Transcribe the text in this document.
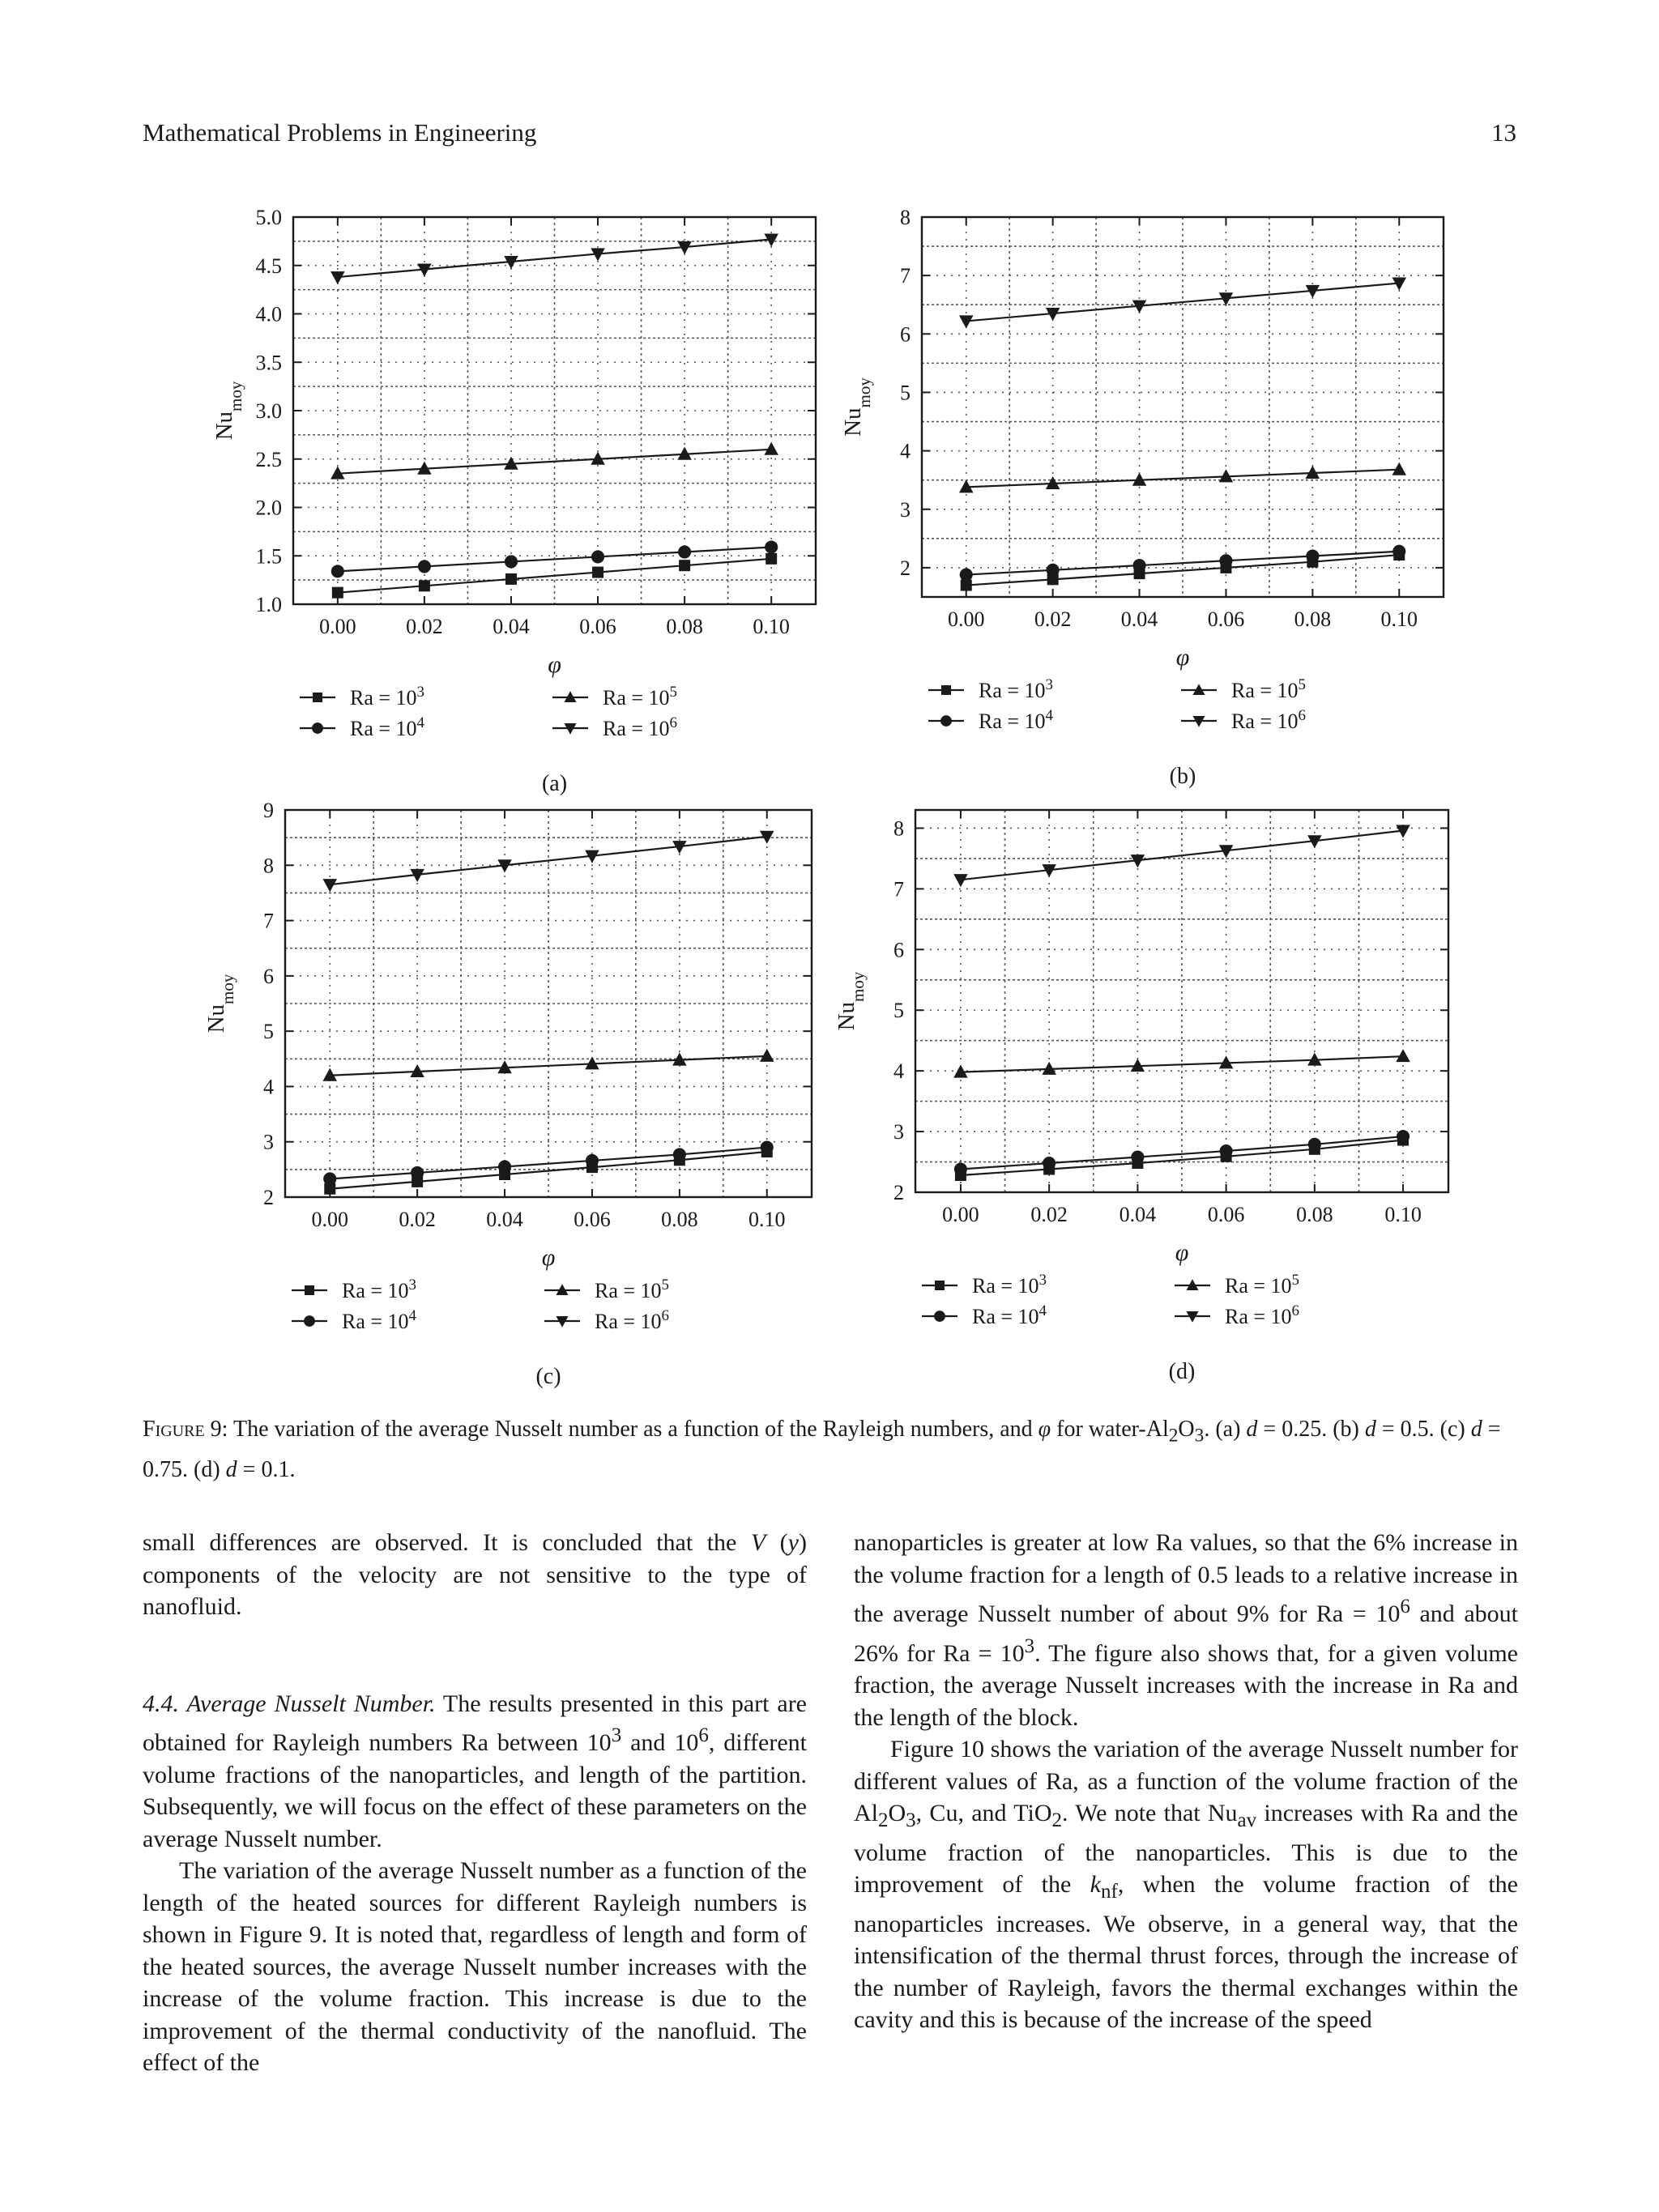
Mathematical Problems in Engineering	13
0.00 0.02 0.04 0.06 0.08 0.10
1.0
1.5
2.0
2.5
3.0
3.5
4.0
4.5
5.0
φ
$Nu_{moy}$
$Ra = 10^3$
$Ra = 10^4$
$Ra = 10^5$
$Ra = 10^6$
(a)
0.00 0.02 0.04 0.06 0.08 0.10
2
3
4
5
6
7
8
φ
$Nu_{moy}$
$Ra = 10^3$
$Ra = 10^4$
$Ra = 10^5$
$Ra = 10^6$
(b)
0.00 0.02 0.04 0.06 0.08 0.10
2
3
4
5
6
7
8
9
φ
$Nu_{moy}$
$Ra = 10^3$
$Ra = 10^4$
$Ra = 10^5$
$Ra = 10^6$
(c)
0.00 0.02 0.04 0.06 0.08 0.10
2
3
4
5
6
7
8
φ
$Nu_{moy}$
$Ra = 10^3$
$Ra = 10^4$
$Ra = 10^5$
$Ra = 10^6$
(d)
Figure 9: The variation of the average Nusselt number as a function of the Rayleigh numbers, and φ for water-$Al_2O_3$. (a) d = 0.25. (b) d = 0.5. (c) d = 0.75. (d) d = 0.1.

small differences are observed. It is concluded that the V (y) components of the velocity are not sensitive to the type of nanofluid.

4.4. Average Nusselt Number. The results presented in this part are obtained for Rayleigh numbers Ra between $10^3$ and $10^6$, different volume fractions of the nanoparticles, and length of the partition. Subsequently, we will focus on the effect of these parameters on the average Nusselt number.

The variation of the average Nusselt number as a function of the length of the heated sources for different Rayleigh numbers is shown in Figure 9. It is noted that, regardless of length and form of the heated sources, the average Nusselt number increases with the increase of the volume fraction. This increase is due to the improvement of the thermal conductivity of the nanofluid. The effect of the

nanoparticles is greater at low Ra values, so that the 6% increase in the volume fraction for a length of 0.5 leads to a relative increase in the average Nusselt number of about 9% for $Ra = 10^6$ and about 26% for $Ra = 10^3$. The figure also shows that, for a given volume fraction, the average Nusselt increases with the increase in Ra and the length of the block.

Figure 10 shows the variation of the average Nusselt number for different values of Ra, as a function of the volume fraction of the $Al_2O_3$, Cu, and TiO$_2$. We note that $Nu_{av}$ increases with Ra and the volume fraction of the nanoparticles. This is due to the improvement of the $k_{nf}$, when the volume fraction of the nanoparticles increases. We observe, in a general way, that the intensification of the thermal thrust forces, through the increase of the number of Rayleigh, favors the thermal exchanges within the cavity and this is because of the increase of the speed
